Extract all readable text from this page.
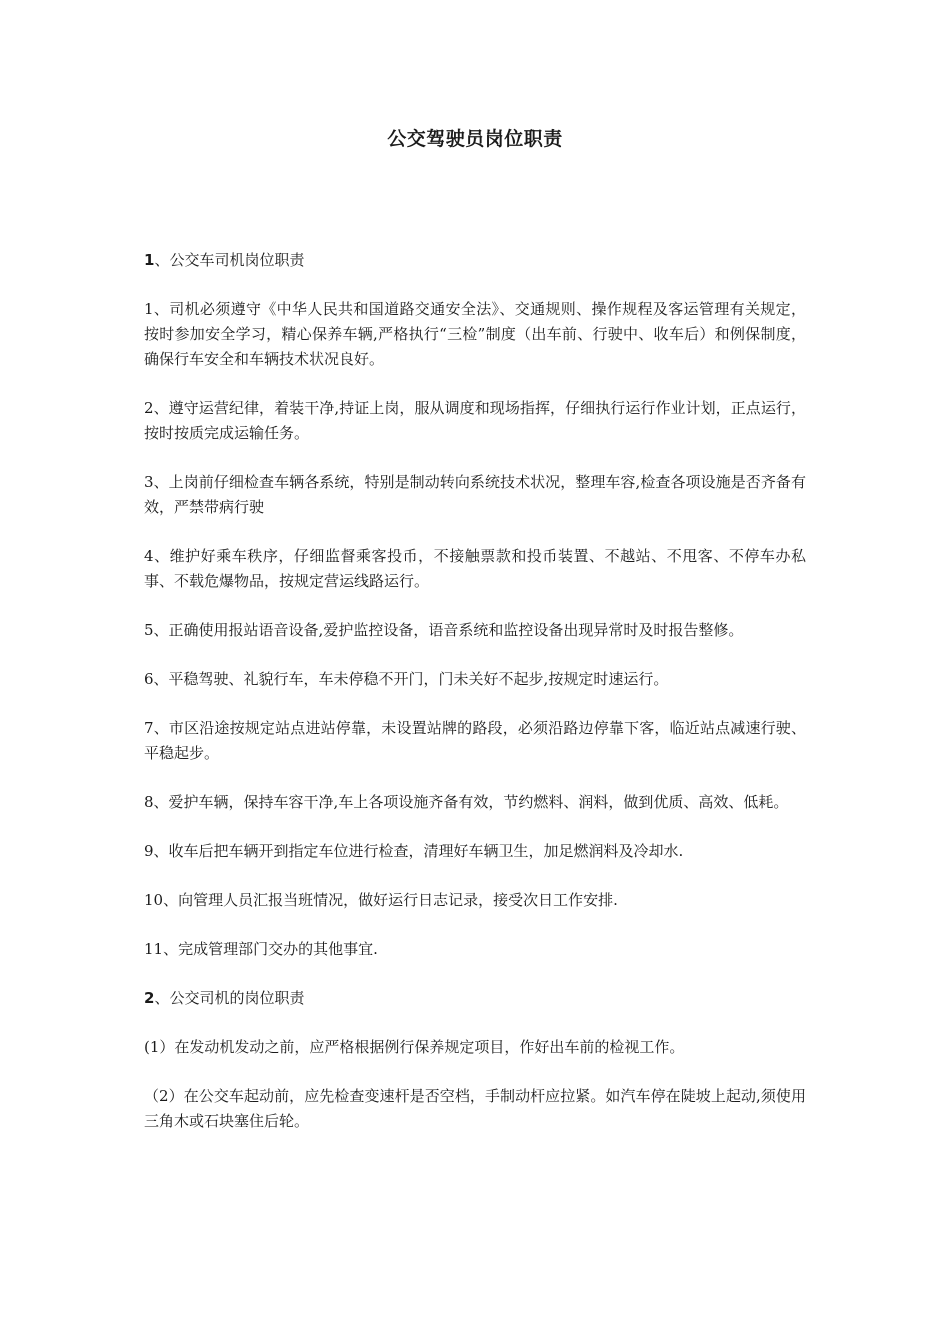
公交驾驶员岗位职责
1、公交车司机岗位职责

1、司机必须遵守《中华人民共和国道路交通安全法》、交通规则、操作规程及客运管理有关规定，按时参加安全学习，精心保养车辆,严格执行“三检”制度（出车前、行驶中、收车后）和例保制度，确保行车安全和车辆技术状况良好。

2、遵守运营纪律，着装干净,持证上岗，服从调度和现场指挥，仔细执行运行作业计划，正点运行，按时按质完成运输任务。

3、上岗前仔细检查车辆各系统，特别是制动转向系统技术状况，整理车容,检查各项设施是否齐备有效，严禁带病行驶

4、维护好乘车秩序，仔细监督乘客投币，不接触票款和投币装置、不越站、不甩客、不停车办私事、不载危爆物品，按规定营运线路运行。

5、正确使用报站语音设备,爱护监控设备，语音系统和监控设备出现异常时及时报告整修。

6、平稳驾驶、礼貌行车，车未停稳不开门，门未关好不起步,按规定时速运行。

7、市区沿途按规定站点进站停靠，未设置站牌的路段，必须沿路边停靠下客，临近站点减速行驶、平稳起步。

8、爱护车辆，保持车容干净,车上各项设施齐备有效，节约燃料、润料，做到优质、高效、低耗。

9、收车后把车辆开到指定车位进行检查，清理好车辆卫生，加足燃润料及冷却水.

10、向管理人员汇报当班情况，做好运行日志记录，接受次日工作安排.

11、完成管理部门交办的其他事宜.

2、公交司机的岗位职责

(1）在发动机发动之前，应严格根据例行保养规定项目，作好出车前的检视工作。

（2）在公交车起动前，应先检查变速杆是否空档，手制动杆应拉紧。如汽车停在陡坡上起动,须使用三角木或石块塞住后轮。
